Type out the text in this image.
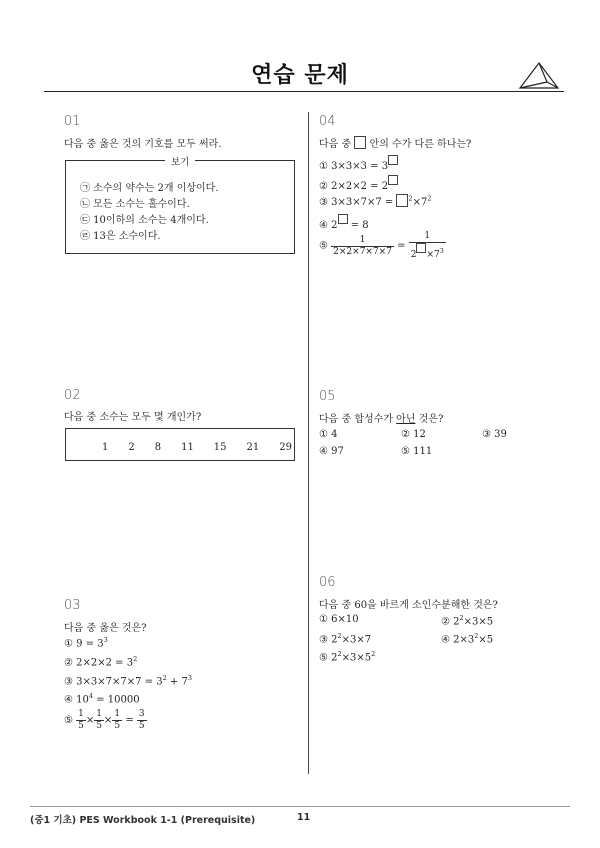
연습 문제
01
다음 중 옳은 것의 기호를 모두 써라.
보기
㉠ 소수의 약수는 2개 이상이다.
㉡ 모든 소수는 홀수이다.
㉢ 10이하의 소수는 4개이다.
㉣ 13은 소수이다.
02
다음 중 소수는 모두 몇 개인가?
1　　2　　8　　11　　15　　21　　29
03
다음 중 옳은 것은?
① $9 = 3^3$
② $2\times 2\times 2 = 3^2$
③ $3\times 3\times 7\times 7\times 7 = 3^2 + 7^3$
④ $10^4 = 10000$
⑤ $\frac{1}{5} \times \frac{1}{5} \times \frac{1}{5} = \frac{3}{5}$
04
다음 중 안의 수가 다른 하나는?
① 3×3×3 = 3
② 2×2×2 = 2
③ $3\times 3\times 7\times 7 = ^2\times 7^2$
④ 2 = 8
⑤ $\frac{1}{2\times 2\times 7\times 7\times 7} = \frac{1}{2 \times 7^3}$
05
다음 중 합성수가 아닌 것은?
① 4	② 12	③ 39
④ 97	⑤ 111
06
다음 중 60을 바르게 소인수분해한 것은?
① 6×10	② $2^2\times 3\times 5$
③ $2^2\times 3\times 7$	④ $2\times 3^2\times 5$
⑤ $2^2\times 3\times 5^2$
(중1 기초) PES Workbook 1-1 (Prerequisite)	11
